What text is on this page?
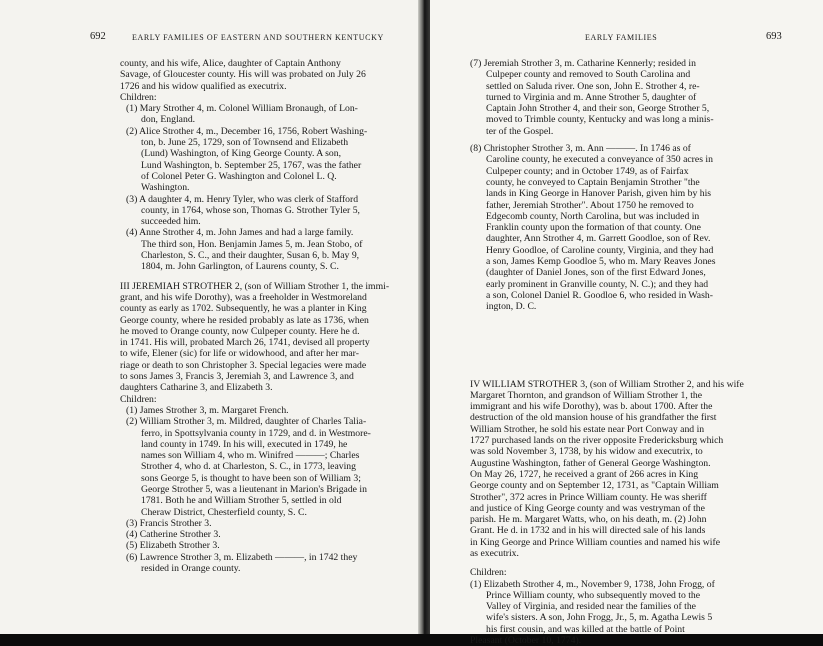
692	EARLY FAMILIES OF EASTERN AND SOUTHERN KENTUCKY
county, and his wife, Alice, daughter of Captain Anthony
Savage, of Gloucester county. His will was probated on July 26
1726 and his widow qualified as executrix.
Children:
(1) Mary Strother 4, m. Colonel William Bronaugh, of Lon-
don, England.
(2) Alice Strother 4, m., December 16, 1756, Robert Washing-
ton, b. June 25, 1729, son of Townsend and Elizabeth
(Lund) Washington, of King George County. A son,
Lund Washington, b. September 25, 1767, was the father
of Colonel Peter G. Washington and Colonel L. Q.
Washington.
(3) A daughter 4, m. Henry Tyler, who was clerk of Stafford
county, in 1764, whose son, Thomas G. Strother Tyler 5,
succeeded him.
(4) Anne Strother 4, m. John James and had a large family.
The third son, Hon. Benjamin James 5, m. Jean Stobo, of
Charleston, S. C., and their daughter, Susan 6, b. May 9,
1804, m. John Garlington, of Laurens county, S. C.
III JEREMIAH STROTHER 2, (son of William Strother 1, the immi-
grant, and his wife Dorothy), was a freeholder in Westmoreland
county as early as 1702. Subsequently, he was a planter in King
George county, where he resided probably as late as 1736, when
he moved to Orange county, now Culpeper county. Here he d.
in 1741. His will, probated March 26, 1741, devised all property
to wife, Elener (sic) for life or widowhood, and after her mar-
riage or death to son Christopher 3. Special legacies were made
to sons James 3, Francis 3, Jeremiah 3, and Lawrence 3, and
daughters Catharine 3, and Elizabeth 3.
Children:
(1) James Strother 3, m. Margaret French.
(2) William Strother 3, m. Mildred, daughter of Charles Talia-
ferro, in Spottsylvania county in 1729, and d. in Westmore-
land county in 1749. In his will, executed in 1749, he
names son William 4, who m. Winifred ———; Charles
Strother 4, who d. at Charleston, S. C., in 1773, leaving
sons George 5, is thought to have been son of William 3;
George Strother 5, was a lieutenant in Marion's Brigade in
1781. Both he and William Strother 5, settled in old
Cheraw District, Chesterfield county, S. C.
(3) Francis Strother 3.
(4) Catherine Strother 3.
(5) Elizabeth Strother 3.
(6) Lawrence Strother 3, m. Elizabeth ———, in 1742 they
resided in Orange county.
EARLY FAMILIES	693
(7) Jeremiah Strother 3, m. Catharine Kennerly; resided in
Culpeper county and removed to South Carolina and
settled on Saluda river. One son, John E. Strother 4, re-
turned to Virginia and m. Anne Strother 5, daughter of
Captain John Strother 4, and their son, George Strother 5,
moved to Trimble county, Kentucky and was long a minis-
ter of the Gospel.
(8) Christopher Strother 3, m. Ann ———. In 1746 as of
Caroline county, he executed a conveyance of 350 acres in
Culpeper county; and in October 1749, as of Fairfax
county, he conveyed to Captain Benjamin Strother "the
lands in King George in Hanover Parish, given him by his
father, Jeremiah Strother". About 1750 he removed to
Edgecomb county, North Carolina, but was included in
Franklin county upon the formation of that county. One
daughter, Ann Strother 4, m. Garrett Goodloe, son of Rev.
Henry Goodloe, of Caroline county, Virginia, and they had
a son, James Kemp Goodloe 5, who m. Mary Reaves Jones
(daughter of Daniel Jones, son of the first Edward Jones,
early prominent in Granville county, N. C.); and they had
a son, Colonel Daniel R. Goodloe 6, who resided in Wash-
ington, D. C.
IV WILLIAM STROTHER 3, (son of William Strother 2, and his wife
Margaret Thornton, and grandson of William Strother 1, the
immigrant and his wife Dorothy), was b. about 1700. After the
destruction of the old mansion house of his grandfather the first
William Strother, he sold his estate near Port Conway and in
1727 purchased lands on the river opposite Fredericksburg which
was sold November 3, 1738, by his widow and executrix, to
Augustine Washington, father of General George Washington.
On May 26, 1727, he received a grant of 266 acres in King
George county and on September 12, 1731, as "Captain William
Strother", 372 acres in Prince William county. He was sheriff
and justice of King George county and was vestryman of the
parish. He m. Margaret Watts, who, on his death, m. (2) John
Grant. He d. in 1732 and in his will directed sale of his lands
in King George and Prince William counties and named his wife
as executrix.
Children:
(1) Elizabeth Strother 4, m., November 9, 1738, John Frogg, of
Prince William county, who subsequently moved to the
Valley of Virginia, and resided near the families of the
wife's sisters. A son, John Frogg, Jr., 5, m. Agatha Lewis 5
his first cousin, and was killed at the battle of Point
Pleasant (October 10, 1774).
